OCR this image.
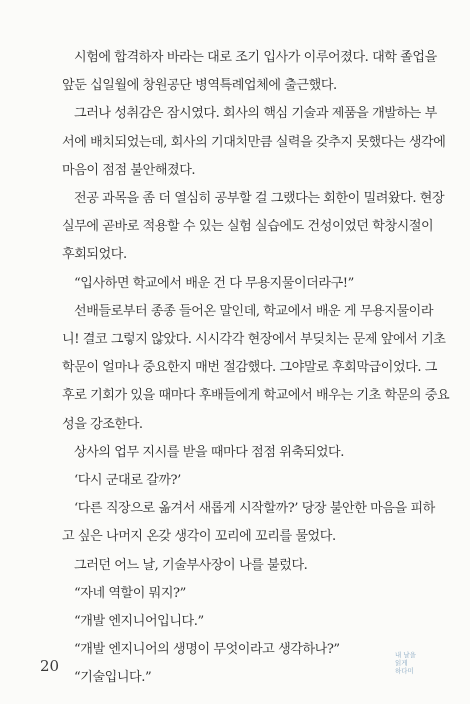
시험에 합격하자 바라는 대로 조기 입사가 이루어졌다. 대학 졸업을
앞둔 십일월에 창원공단 병역특례업체에 출근했다.

그러나 성취감은 잠시였다. 회사의 핵심 기술과 제품을 개발하는 부
서에 배치되었는데, 회사의 기대치만큼 실력을 갖추지 못했다는 생각에
마음이 점점 불안해졌다.

전공 과목을 좀 더 열심히 공부할 걸 그랬다는 회한이 밀려왔다. 현장
실무에 곧바로 적용할 수 있는 실험 실습에도 건성이었던 학창시절이
후회되었다.

“입사하면 학교에서 배운 건 다 무용지물이더라구!”

선배들로부터 종종 들어온 말인데, 학교에서 배운 게 무용지물이라
니! 결코 그렇지 않았다. 시시각각 현장에서 부딪치는 문제 앞에서 기초
학문이 얼마나 중요한지 매번 절감했다. 그야말로 후회막급이었다. 그
후로 기회가 있을 때마다 후배들에게 학교에서 배우는 기초 학문의 중요
성을 강조한다.

상사의 업무 지시를 받을 때마다 점점 위축되었다.

‘다시 군대로 갈까?’

‘다른 직장으로 옮겨서 새롭게 시작할까?’ 당장 불안한 마음을 피하
고 싶은 나머지 온갖 생각이 꼬리에 꼬리를 물었다.

그러던 어느 날, 기술부사장이 나를 불렀다.

“자네 역할이 뭐지?”

“개발 엔지니어입니다.”

“개발 엔지니어의 생명이 무엇이라고 생각하나?”

“기술입니다.”

20

내 날을
읽게
하다미
